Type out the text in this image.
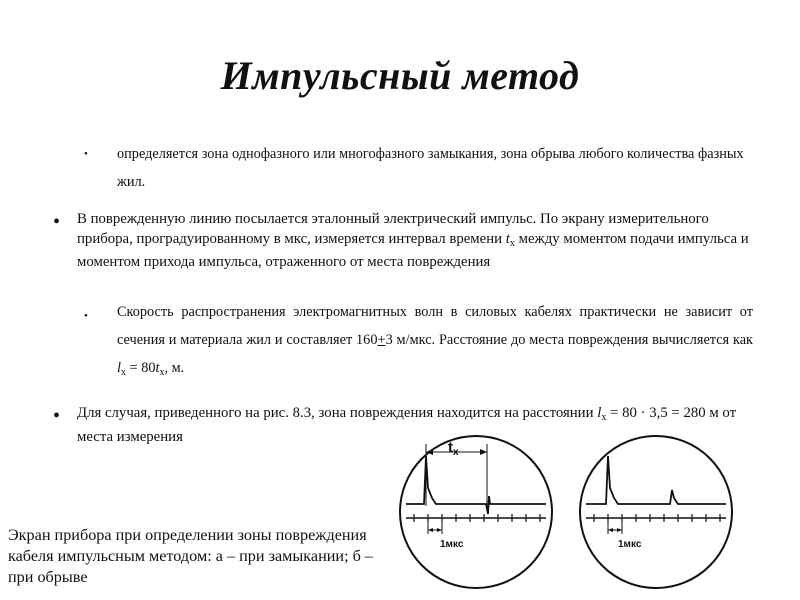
Импульсный метод
• определяется зона однофазного или многофазного замыкания, зона обрыва любого количества фазных жил.
• В поврежденную линию посылается эталонный электрический импульс. По экрану измерительного прибора, проградуированному в мкс, измеряется интервал времени $t_x$ между моментом подачи импульса и моментом прихода импульса, отраженного от места повреждения
• Скорость распространения электромагнитных волн в силовых кабелях практически не зависит от сечения и материала жил и составляет 160+3 м/мкс. Расстояние до места повреждения вычисляется как $l_x = 80t_x$, м.
• Для случая, приведенного на рис. 8.3, зона повреждения находится на расстоянии $l_x = 80 \cdot 3,5 = 280$ м от места измерения
$t_x$
1мкс	1мкс
Экран прибора при определении зоны повреждения кабеля импульсным методом: а – при замыкании; б – при обрыве
